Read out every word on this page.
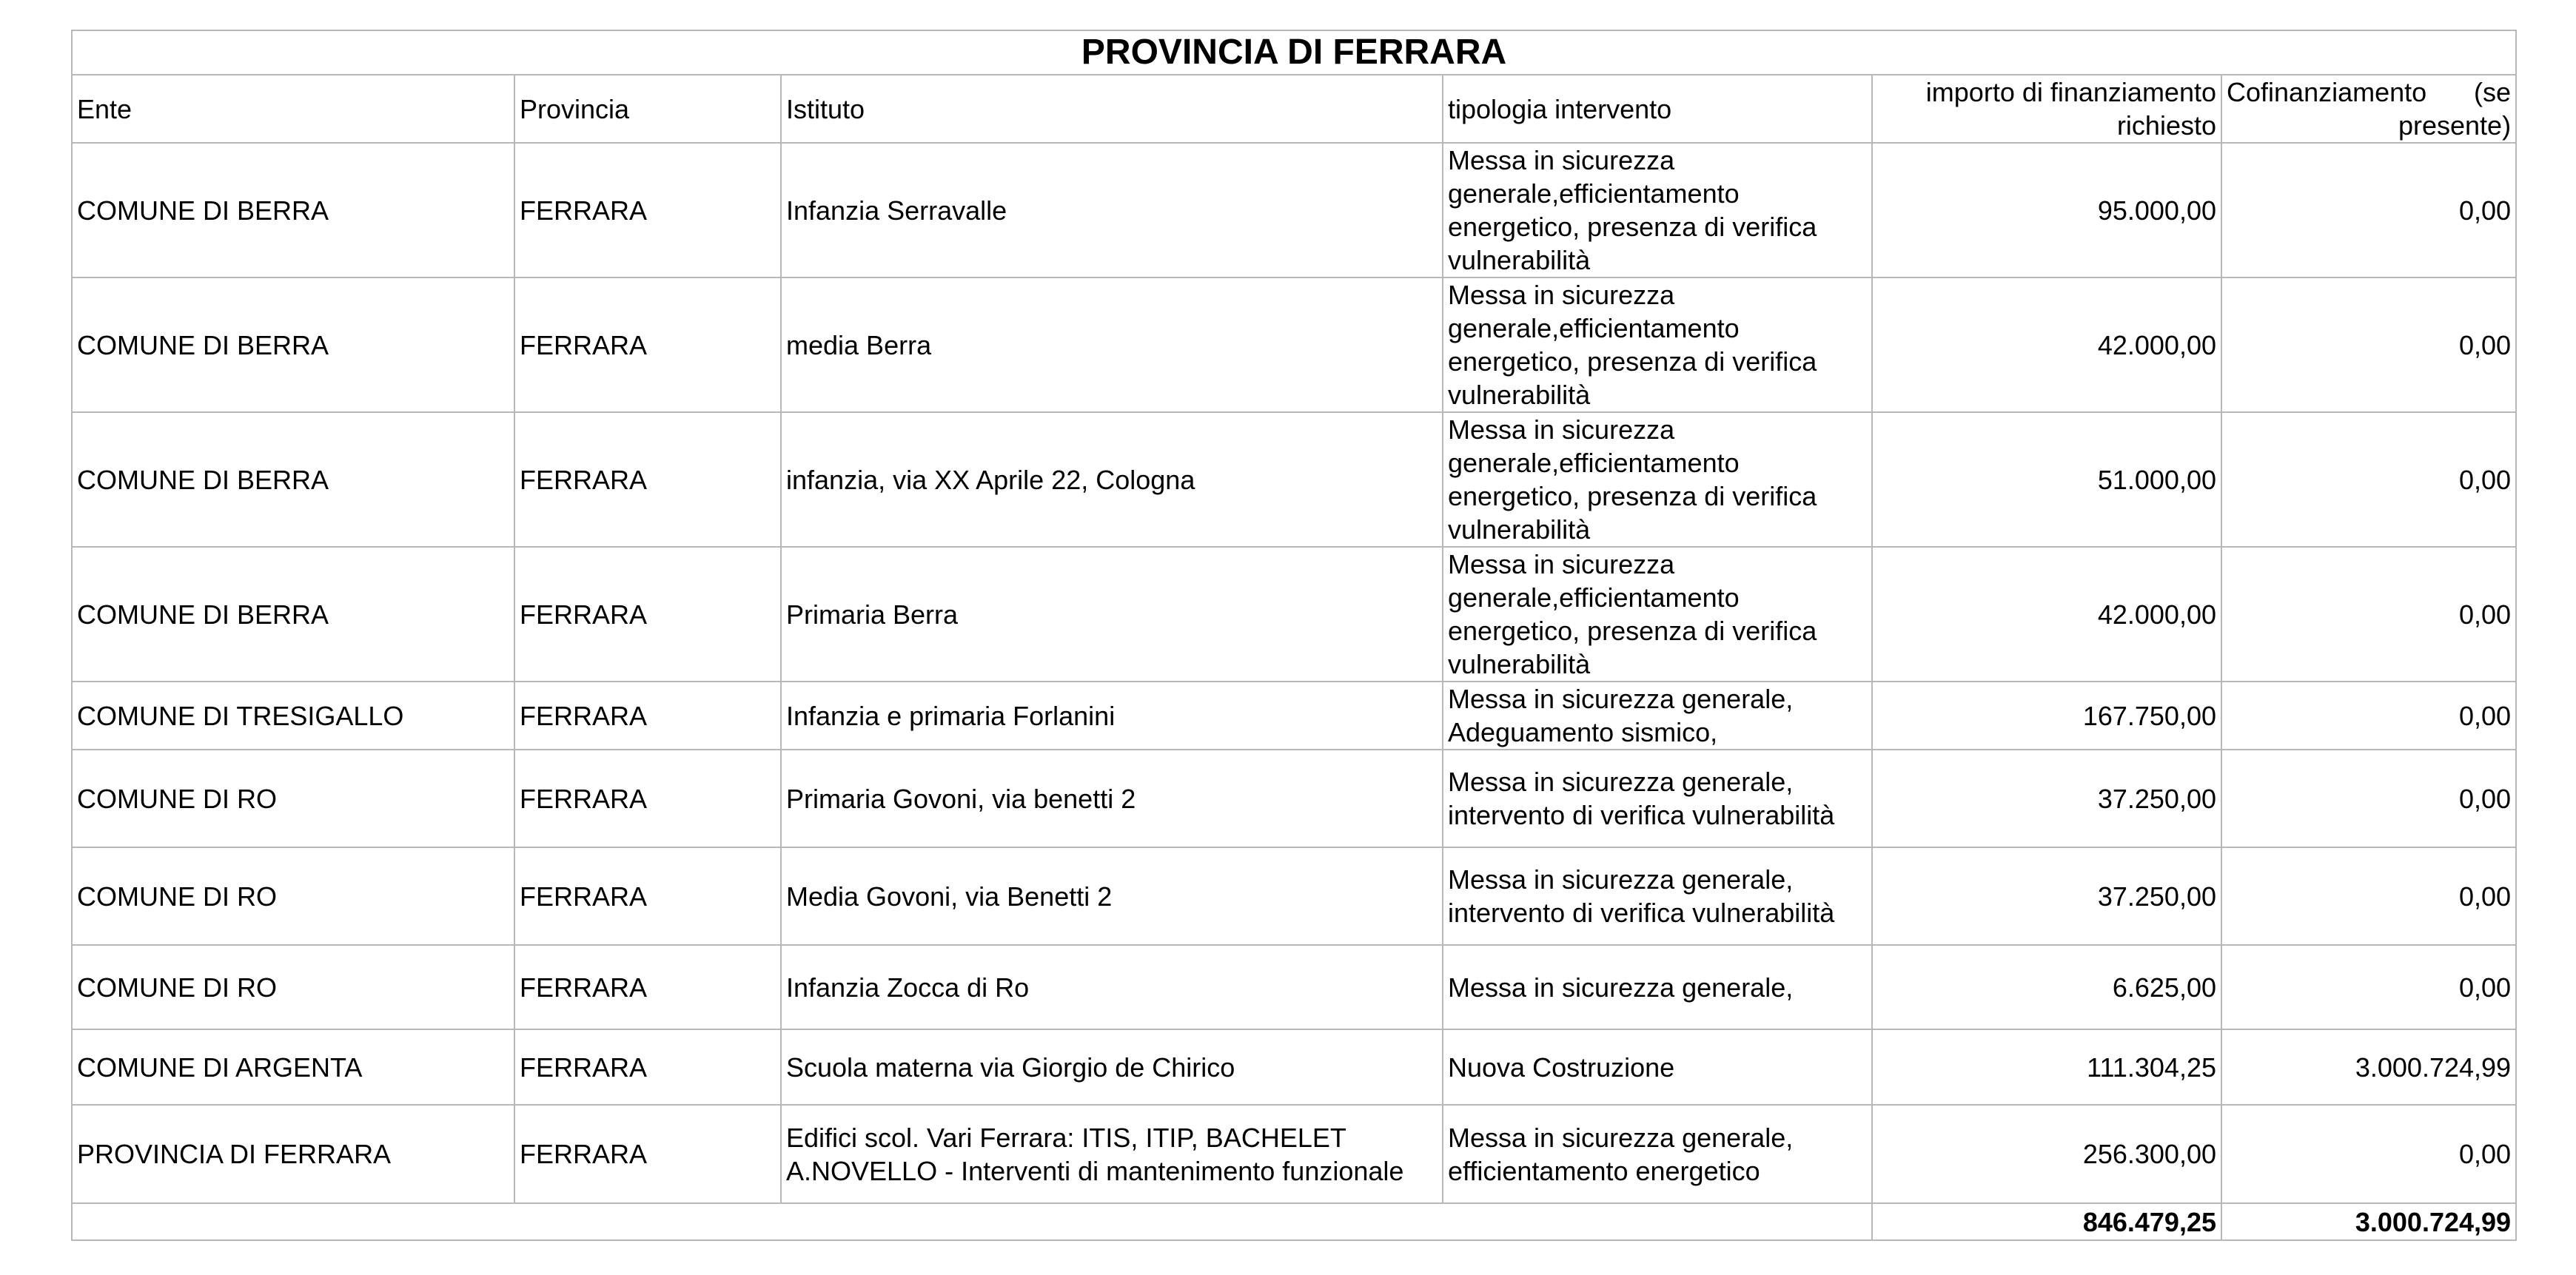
PROVINCIA DI FERRARA					
Ente	Provincia	Istituto	tipologia intervento	importo di finanziamento richiesto	Cofinanziamento (se presente)
COMUNE DI BERRA	FERRARA	Infanzia Serravalle	Messa in sicurezza generale,efficientamento energetico, presenza di verifica vulnerabilità	95.000,00	0,00
COMUNE DI BERRA	FERRARA	media Berra	Messa in sicurezza generale,efficientamento energetico, presenza di verifica vulnerabilità	42.000,00	0,00
COMUNE DI BERRA	FERRARA	infanzia, via XX Aprile 22, Cologna	Messa in sicurezza generale,efficientamento energetico, presenza di verifica vulnerabilità	51.000,00	0,00
COMUNE DI BERRA	FERRARA	Primaria Berra	Messa in sicurezza generale,efficientamento energetico, presenza di verifica vulnerabilità	42.000,00	0,00
COMUNE DI TRESIGALLO	FERRARA	Infanzia e primaria Forlanini	Messa in sicurezza generale, Adeguamento sismico,	167.750,00	0,00
COMUNE DI RO	FERRARA	Primaria Govoni, via benetti 2	Messa in sicurezza generale, intervento di verifica vulnerabilità	37.250,00	0,00
COMUNE DI RO	FERRARA	Media Govoni, via Benetti 2	Messa in sicurezza generale, intervento di verifica vulnerabilità	37.250,00	0,00
COMUNE DI RO	FERRARA	Infanzia Zocca di Ro	Messa in sicurezza generale,	6.625,00	0,00
COMUNE DI ARGENTA	FERRARA	Scuola materna via Giorgio de Chirico	Nuova Costruzione	111.304,25	3.000.724,99
PROVINCIA DI FERRARA	FERRARA	Edifici scol. Vari Ferrara: ITIS, ITIP, BACHELET A.NOVELLO - Interventi di mantenimento funzionale	Messa in sicurezza generale, efficientamento energetico	256.300,00	0,00
				846.479,25	3.000.724,99
